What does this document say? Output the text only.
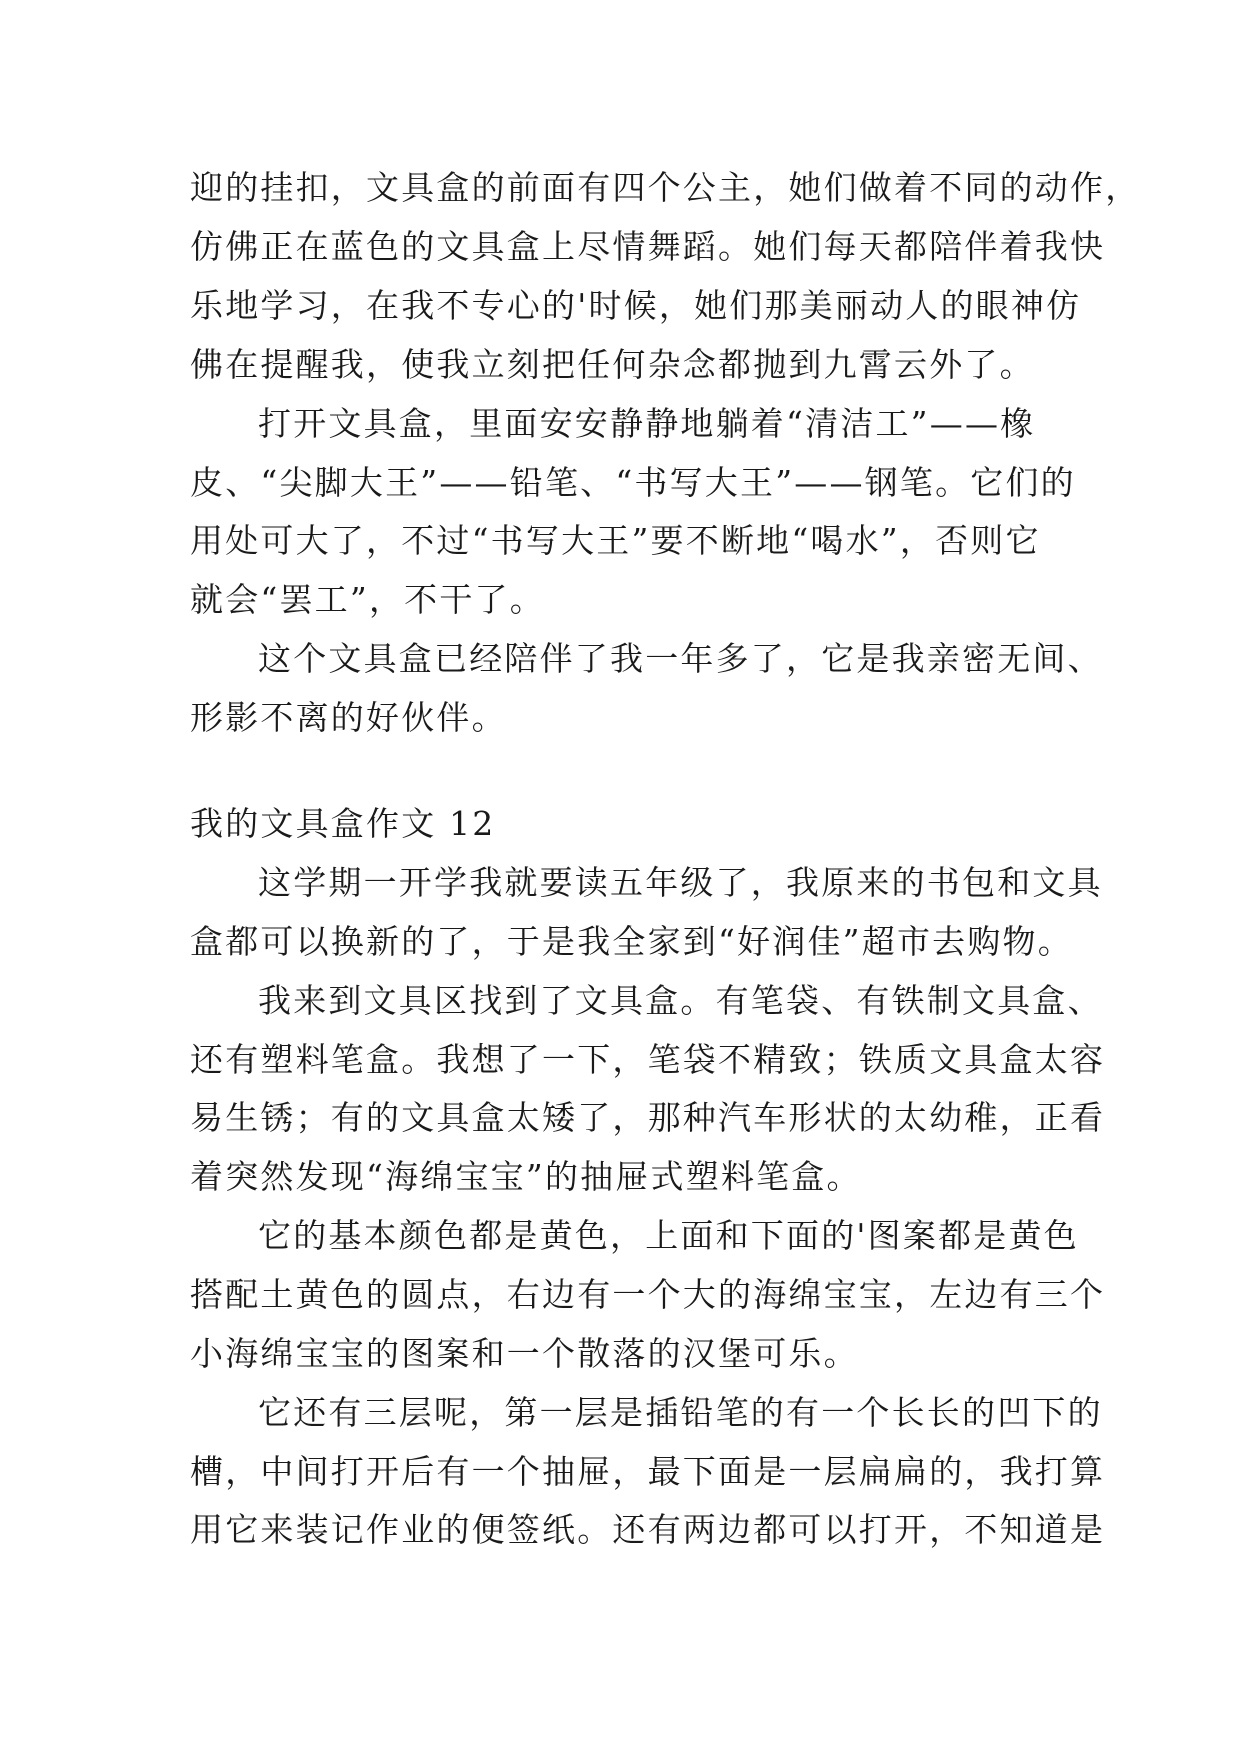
迎的挂扣，文具盒的前面有四个公主，她们做着不同的动作，
仿佛正在蓝色的文具盒上尽情舞蹈。她们每天都陪伴着我快
乐地学习，在我不专心的'时候，她们那美丽动人的眼神仿
佛在提醒我，使我立刻把任何杂念都抛到九霄云外了。
打开文具盒，里面安安静静地躺着“清洁工”——橡
皮、“尖脚大王”——铅笔、“书写大王”——钢笔。它们的
用处可大了，不过“书写大王”要不断地“喝水”，否则它
就会“罢工”，不干了。
这个文具盒已经陪伴了我一年多了，它是我亲密无间、
形影不离的好伙伴。
我的文具盒作文 12
这学期一开学我就要读五年级了，我原来的书包和文具
盒都可以换新的了，于是我全家到“好润佳”超市去购物。
我来到文具区找到了文具盒。有笔袋、有铁制文具盒、
还有塑料笔盒。我想了一下，笔袋不精致；铁质文具盒太容
易生锈；有的文具盒太矮了，那种汽车形状的太幼稚，正看
着突然发现“海绵宝宝”的抽屉式塑料笔盒。
它的基本颜色都是黄色，上面和下面的'图案都是黄色
搭配土黄色的圆点，右边有一个大的海绵宝宝，左边有三个
小海绵宝宝的图案和一个散落的汉堡可乐。
它还有三层呢，第一层是插铅笔的有一个长长的凹下的
槽，中间打开后有一个抽屉，最下面是一层扁扁的，我打算
用它来装记作业的便签纸。还有两边都可以打开，不知道是
